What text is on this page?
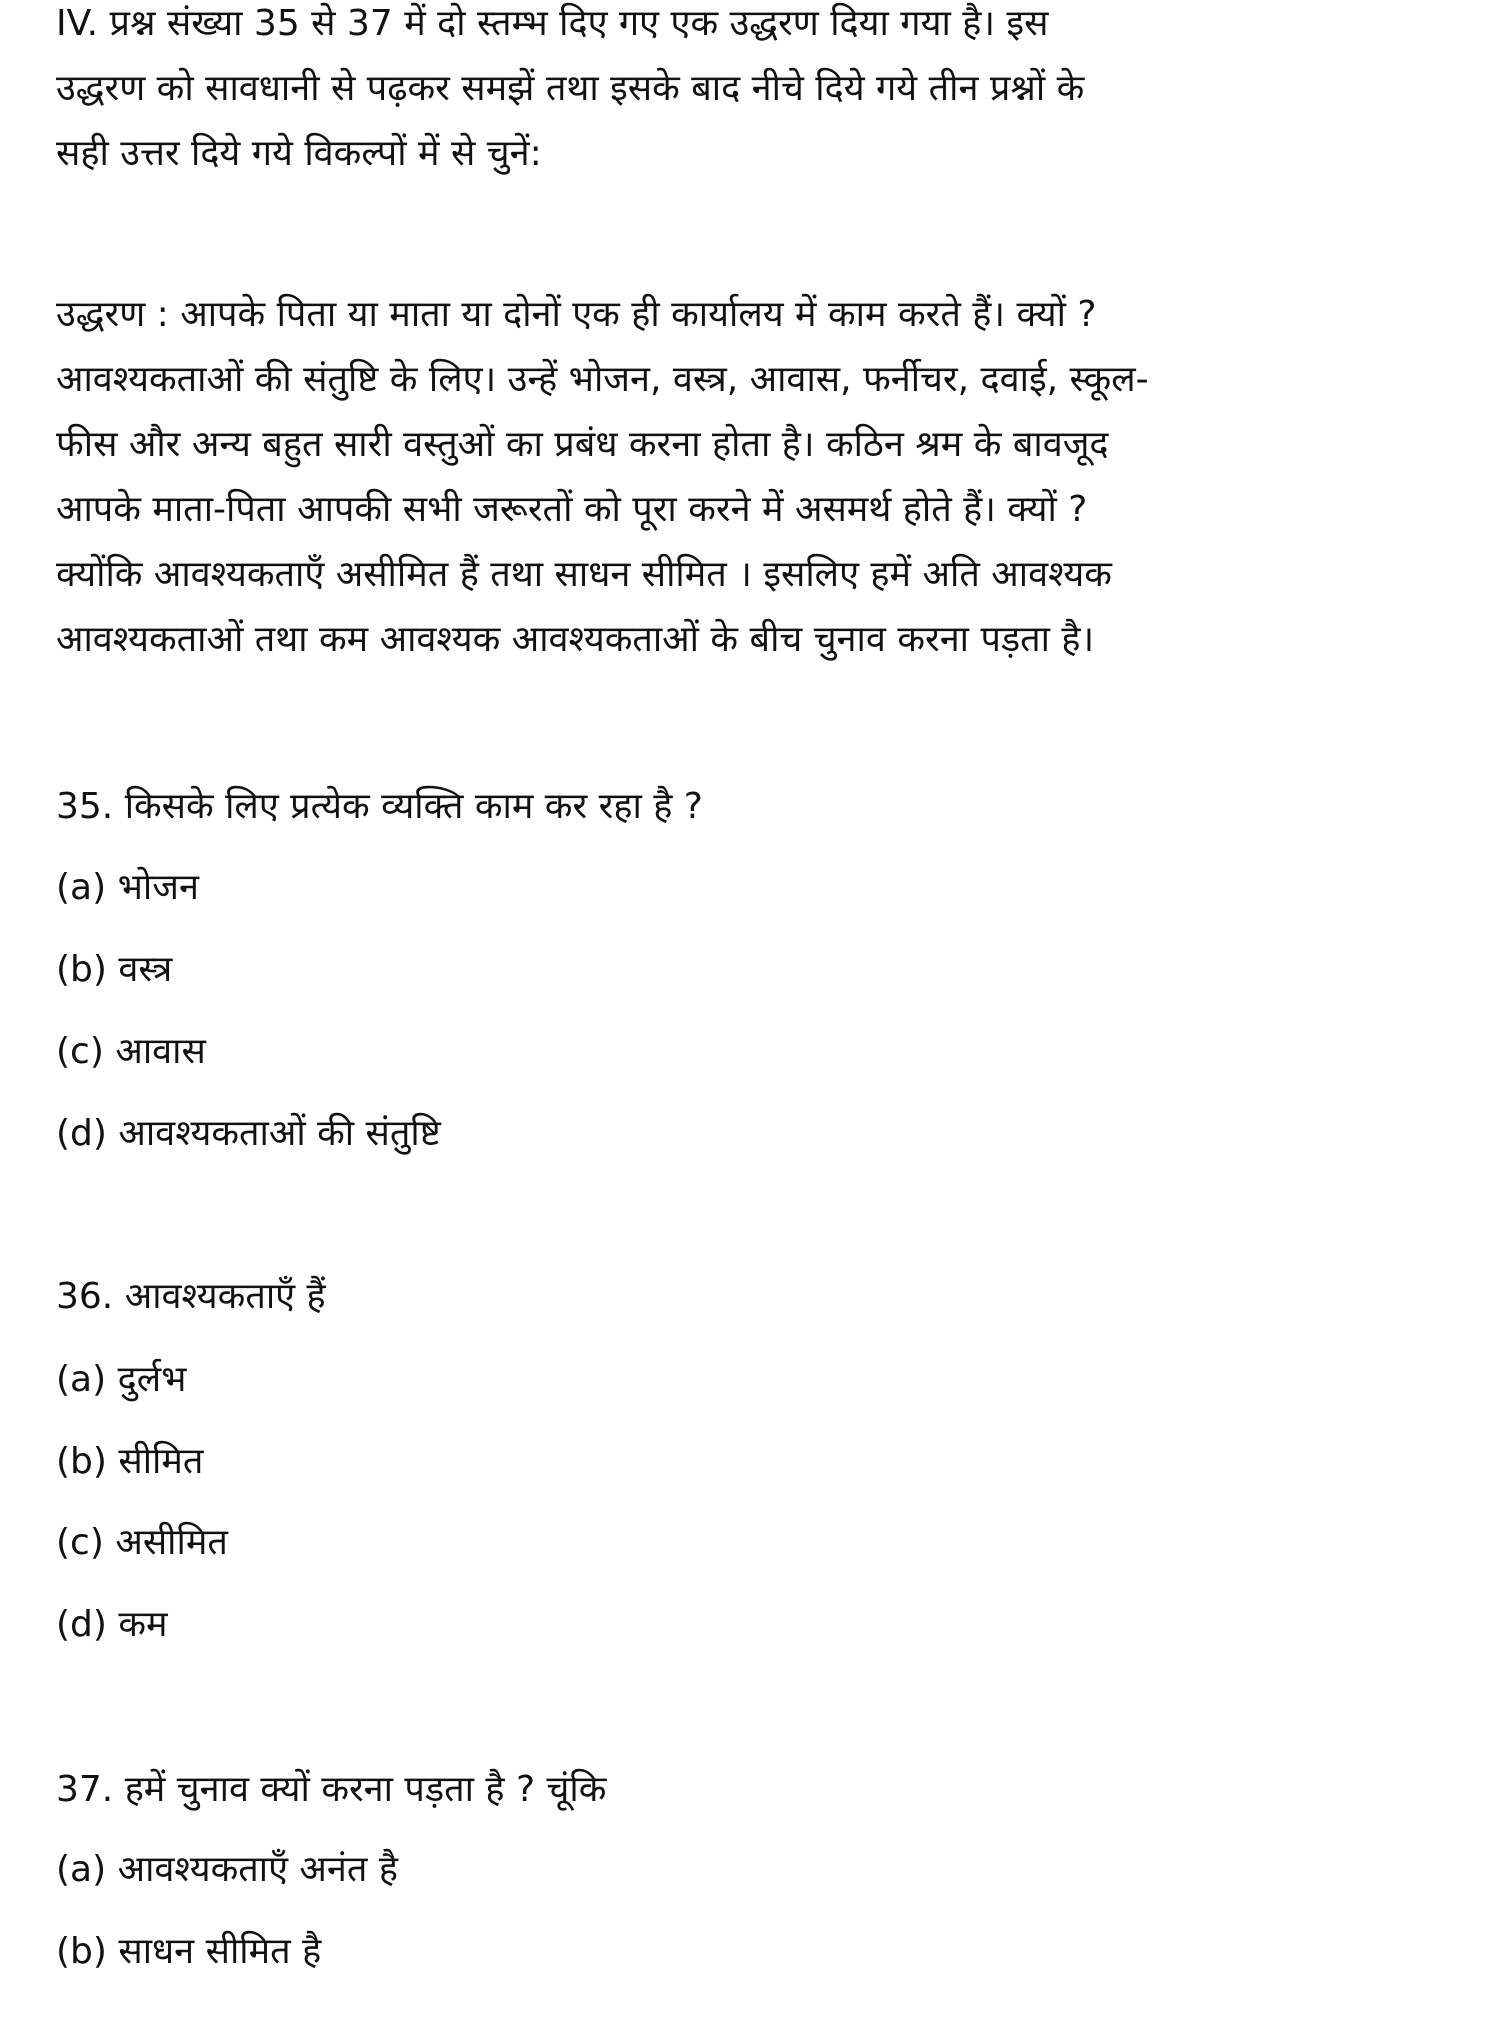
IV. प्रश्न संख्या 35 से 37 में दो स्तम्भ दिए गए एक उद्धरण दिया गया है। इस
उद्धरण को सावधानी से पढ़कर समझें तथा इसके बाद नीचे दिये गये तीन प्रश्नों के
सही उत्तर दिये गये विकल्पों में से चुनें:
उद्धरण : आपके पिता या माता या दोनों एक ही कार्यालय में काम करते हैं। क्यों ?
आवश्यकताओं की संतुष्टि के लिए। उन्हें भोजन, वस्त्र, आवास, फर्नीचर, दवाई, स्कूल-
फीस और अन्य बहुत सारी वस्तुओं का प्रबंध करना होता है। कठिन श्रम के बावजूद
आपके माता-पिता आपकी सभी जरूरतों को पूरा करने में असमर्थ होते हैं। क्यों ?
क्योंकि आवश्यकताएँ असीमित हैं तथा साधन सीमित । इसलिए हमें अति आवश्यक
आवश्यकताओं तथा कम आवश्यक आवश्यकताओं के बीच चुनाव करना पड़ता है।
35. किसके लिए प्रत्येक व्यक्ति काम कर रहा है ?
(a) भोजन
(b) वस्त्र
(c) आवास
(d) आवश्यकताओं की संतुष्टि
36. आवश्यकताएँ हैं
(a) दुर्लभ
(b) सीमित
(c) असीमित
(d) कम
37. हमें चुनाव क्यों करना पड़ता है ? चूंकि
(a) आवश्यकताएँ अनंत है
(b) साधन सीमित है
